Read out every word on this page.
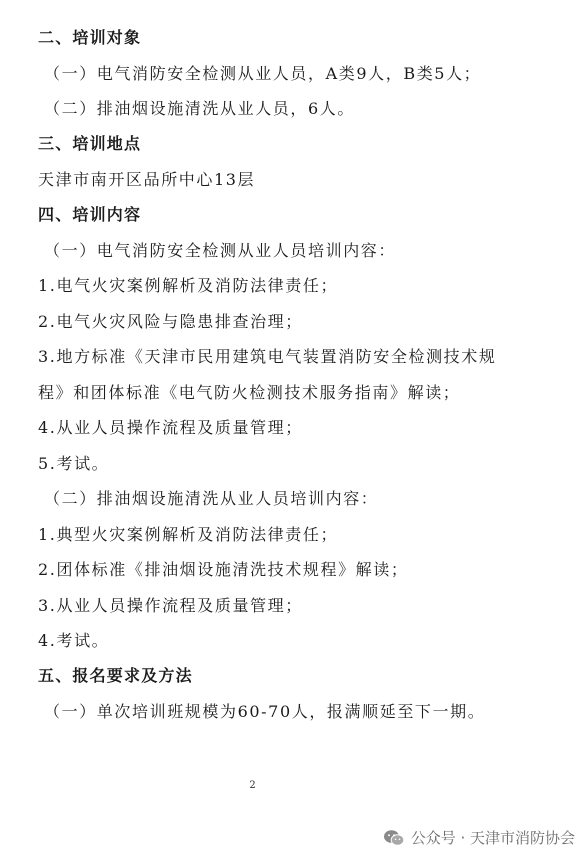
二、培训对象
（一）电气消防安全检测从业人员，A类9人，B类5人；
（二）排油烟设施清洗从业人员，6人。
三、培训地点
天津市南开区品所中心13层
四、培训内容
（一）电气消防安全检测从业人员培训内容：
1.电气火灾案例解析及消防法律责任；
2.电气火灾风险与隐患排查治理；
3.地方标准《天津市民用建筑电气装置消防安全检测技术规
程》和团体标准《电气防火检测技术服务指南》解读；
4.从业人员操作流程及质量管理；
5.考试。
（二）排油烟设施清洗从业人员培训内容：
1.典型火灾案例解析及消防法律责任；
2.团体标准《排油烟设施清洗技术规程》解读；
3.从业人员操作流程及质量管理；
4.考试。
五、报名要求及方法
（一）单次培训班规模为60-70人，报满顺延至下一期。
2
公众号 · 天津市消防协会
